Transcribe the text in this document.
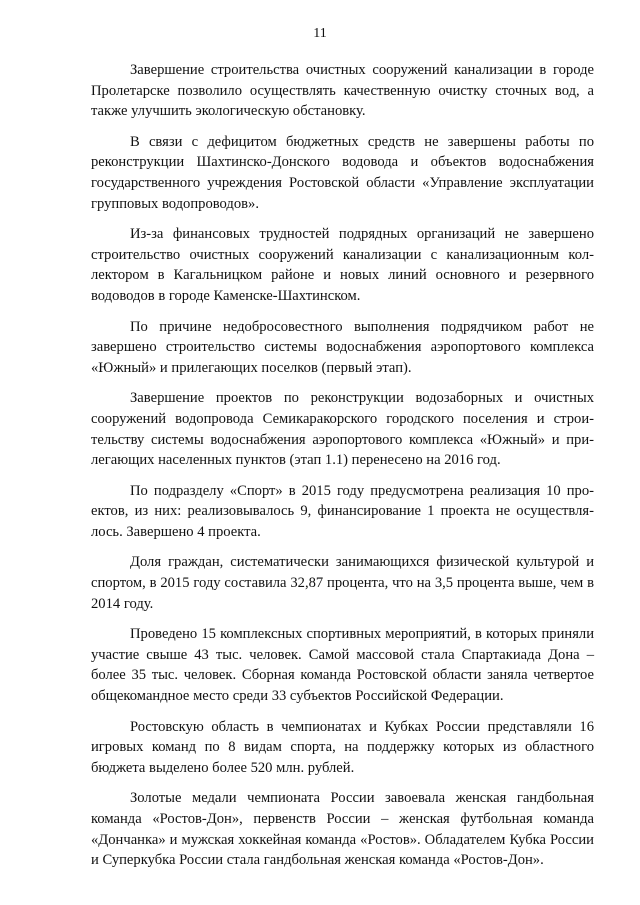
11

Завершение строительства очистных сооружений канализации в городе Пролетарске позволило осуществлять качественную очистку сточных вод, а также улучшить экологическую обстановку.

В связи с дефицитом бюджетных средств не завершены работы по реконструкции Шахтинско-Донского водовода и объектов водоснабжения государственного учреждения Ростовской области «Управление эксплуатации групповых водопроводов».

Из-за финансовых трудностей подрядных организаций не завершено строительство очистных сооружений канализации с канализационным коллектором в Кагальницком районе и новых линий основного и резервного водоводов в городе Каменске-Шахтинском.

По причине недобросовестного выполнения подрядчиком работ не завершено строительство системы водоснабжения аэропортового комплекса «Южный» и прилегающих поселков (первый этап).

Завершение проектов по реконструкции водозаборных и очистных сооружений водопровода Семикаракорского городского поселения и строительству системы водоснабжения аэропортового комплекса «Южный» и прилегающих населенных пунктов (этап 1.1) перенесено на 2016 год.

По подразделу «Спорт» в 2015 году предусмотрена реализация 10 проектов, из них: реализовывалось 9, финансирование 1 проекта не осуществлялось. Завершено 4 проекта.

Доля граждан, систематически занимающихся физической культурой и спортом, в 2015 году составила 32,87 процента, что на 3,5 процента выше, чем в 2014 году.

Проведено 15 комплексных спортивных мероприятий, в которых приняли участие свыше 43 тыс. человек. Самой массовой стала Спартакиада Дона – более 35 тыс. человек. Сборная команда Ростовской области заняла четвертое общекомандное место среди 33 субъектов Российской Федерации.

Ростовскую область в чемпионатах и Кубках России представляли 16 игровых команд по 8 видам спорта, на поддержку которых из областного бюджета выделено более 520 млн. рублей.

Золотые медали чемпионата России завоевала женская гандбольная команда «Ростов-Дон», первенств России – женская футбольная команда «Дончанка» и мужская хоккейная команда «Ростов». Обладателем Кубка России и Суперкубка России стала гандбольная женская команда «Ростов-Дон».
